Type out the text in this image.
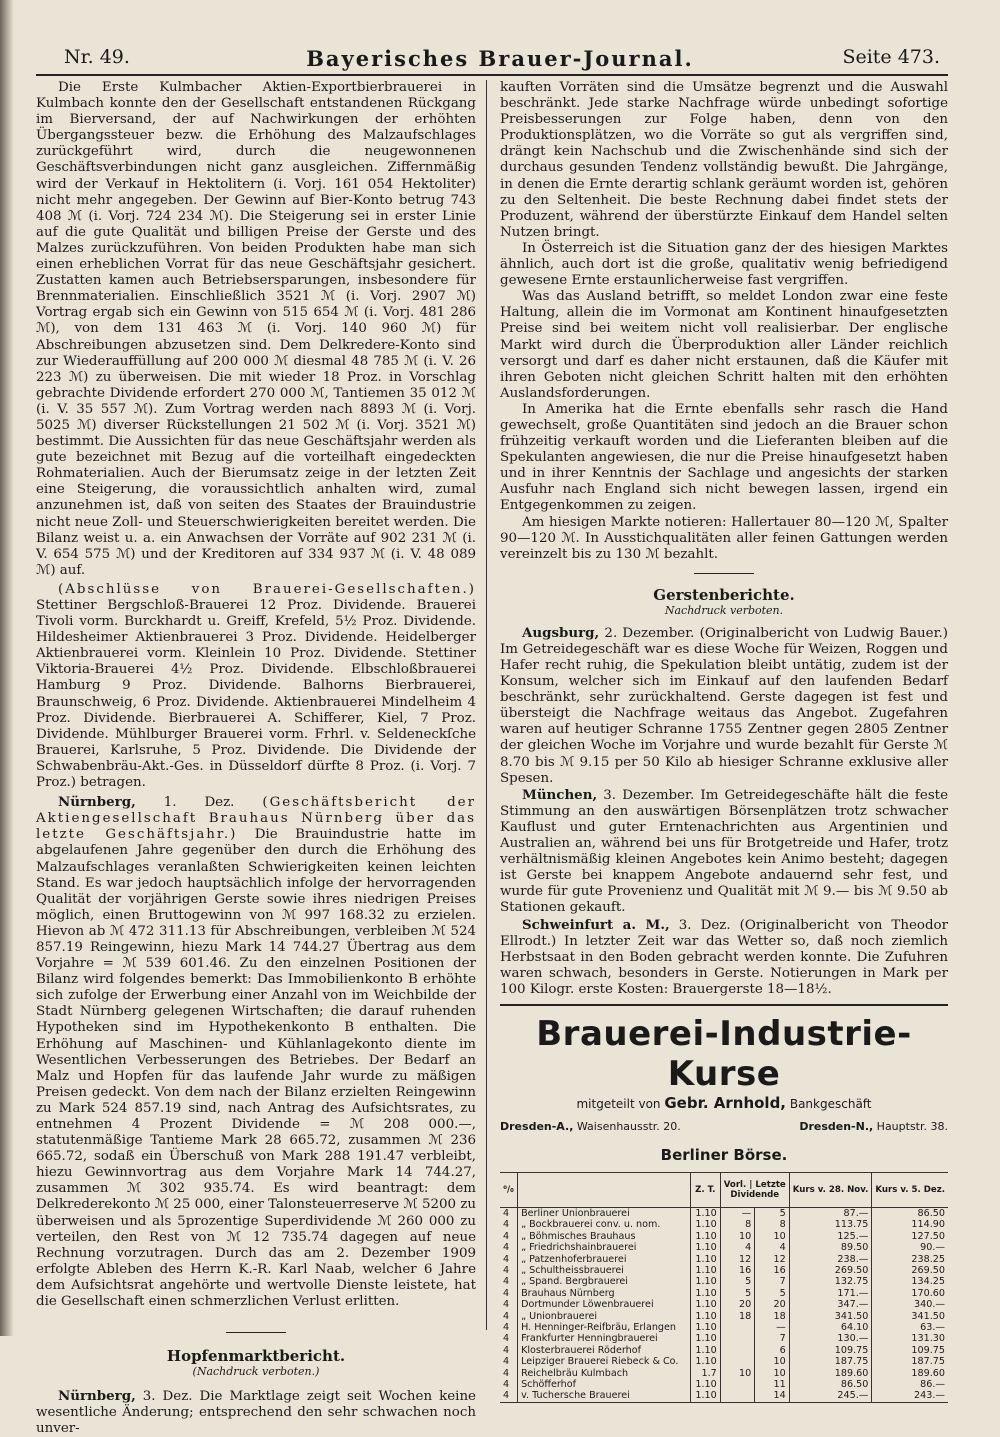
Nr. 49.	Bayerisches Brauer-Journal.	Seite 473.

Die Erste Kulmbacher Aktien-Exportbierbrauerei in Kulmbach konnte den der Gesellschaft entstandenen Rückgang im Bierversand, der auf Nachwirkungen der erhöhten Übergangssteuer bezw. die Erhöhung des Malzaufschlages zurückgeführt wird, durch die neugewonnenen Geschäftsverbindungen nicht ganz ausgleichen. Ziffernmäßig wird der Verkauf in Hektolitern (i. Vorj. 161 054 Hektoliter) nicht mehr angegeben. Der Gewinn auf Bier-Konto betrug 743 408 ℳ (i. Vorj. 724 234 ℳ). Die Steigerung sei in erster Linie auf die gute Qualität und billigen Preise der Gerste und des Malzes zurückzuführen. Von beiden Produkten habe man sich einen erheblichen Vorrat für das neue Geschäftsjahr gesichert. Zustatten kamen auch Betriebsersparungen, insbesondere für Brennmaterialien. Einschließlich 3521 ℳ (i. Vorj. 2907 ℳ) Vortrag ergab sich ein Gewinn von 515 654 ℳ (i. Vorj. 481 286 ℳ), von dem 131 463 ℳ (i. Vorj. 140 960 ℳ) für Abschreibungen abzusetzen sind. Dem Delkredere-Konto sind zur Wiederauffüllung auf 200 000 ℳ diesmal 48 785 ℳ (i. V. 26 223 ℳ) zu überweisen. Die mit wieder 18 Proz. in Vorschlag gebrachte Dividende erfordert 270 000 ℳ, Tantiemen 35 012 ℳ (i. V. 35 557 ℳ). Zum Vortrag werden nach 8893 ℳ (i. Vorj. 5025 ℳ) diverser Rückstellungen 21 502 ℳ (i. Vorj. 3521 ℳ) bestimmt. Die Aussichten für das neue Geschäftsjahr werden als gute bezeichnet mit Bezug auf die vorteilhaft eingedeckten Rohmaterialien. Auch der Bierumsatz zeige in der letzten Zeit eine Steigerung, die voraussichtlich anhalten wird, zumal anzunehmen ist, daß von seiten des Staates der Brauindustrie nicht neue Zoll- und Steuerschwierigkeiten bereitet werden. Die Bilanz weist u. a. ein Anwachsen der Vorräte auf 902 231 ℳ (i. V. 654 575 ℳ) und der Kreditoren auf 334 937 ℳ (i. V. 48 089 ℳ) auf.

(Abschlüsse von Brauerei-Gesellschaften.) Stettiner Bergschloß-Brauerei 12 Proz. Dividende. Brauerei Tivoli vorm. Burckhardt u. Greiff, Krefeld, 5½ Proz. Dividende. Hildesheimer Aktienbrauerei 3 Proz. Dividende. Heidelberger Aktienbrauerei vorm. Kleinlein 10 Proz. Dividende. Stettiner Viktoria-Brauerei 4½ Proz. Dividende. Elbschloßbrauerei Hamburg 9 Proz. Dividende. Balhorns Bierbrauerei, Braunschweig, 6 Proz. Dividende. Aktienbrauerei Mindelheim 4 Proz. Dividende. Bierbrauerei A. Schifferer, Kiel, 7 Proz. Dividende. Mühlburger Brauerei vorm. Frhrl. v. Seldeneckſche Brauerei, Karlsruhe, 5 Proz. Dividende. Die Dividende der Schwabenbräu-Akt.-Ges. in Düsseldorf dürfte 8 Proz. (i. Vorj. 7 Proz.) betragen.

Nürnberg, 1. Dez. (Geschäftsbericht der Aktiengesellschaft Brauhaus Nürnberg über das letzte Geschäftsjahr.) Die Brauindustrie hatte im abgelaufenen Jahre gegenüber den durch die Erhöhung des Malzaufschlages veranlaßten Schwierigkeiten keinen leichten Stand. Es war jedoch hauptsächlich infolge der hervorragenden Qualität der vorjährigen Gerste sowie ihres niedrigen Preises möglich, einen Bruttogewinn von ℳ 997 168.32 zu erzielen. Hievon ab ℳ 472 311.13 für Abschreibungen, verbleiben ℳ 524 857.19 Reingewinn, hiezu Mark 14 744.27 Übertrag aus dem Vorjahre = ℳ 539 601.46. Zu den einzelnen Positionen der Bilanz wird folgendes bemerkt: Das Immobilienkonto B erhöhte sich zufolge der Erwerbung einer Anzahl von im Weichbilde der Stadt Nürnberg gelegenen Wirtschaften; die darauf ruhenden Hypotheken sind im Hypothekenkonto B enthalten. Die Erhöhung auf Maschinen- und Kühlanlagekonto diente im Wesentlichen Verbesserungen des Betriebes. Der Bedarf an Malz und Hopfen für das laufende Jahr wurde zu mäßigen Preisen gedeckt. Von dem nach der Bilanz erzielten Reingewinn zu Mark 524 857.19 sind, nach Antrag des Aufsichtsrates, zu entnehmen 4 Prozent Dividende = ℳ 208 000.—, statutenmäßige Tantieme Mark 28 665.72, zusammen ℳ 236 665.72, sodaß ein Überschuß von Mark 288 191.47 verbleibt, hiezu Gewinnvortrag aus dem Vorjahre Mark 14 744.27, zusammen ℳ 302 935.74. Es wird beantragt: dem Delkrederekonto ℳ 25 000, einer Talonsteuerreserve ℳ 5200 zu überweisen und als 5prozentige Superdividende ℳ 260 000 zu verteilen, den Rest von ℳ 12 735.74 dagegen auf neue Rechnung vorzutragen. Durch das am 2. Dezember 1909 erfolgte Ableben des Herrn K.-R. Karl Naab, welcher 6 Jahre dem Aufsichtsrat angehörte und wertvolle Dienste leistete, hat die Gesellschaft einen schmerzlichen Verlust erlitten.

Hopfenmarktbericht.

(Nachdruck verboten.)

Nürnberg, 3. Dez. Die Marktlage zeigt seit Wochen keine wesentliche Änderung; entsprechend den sehr schwachen noch unver-

kauften Vorräten sind die Umsätze begrenzt und die Auswahl beschränkt. Jede starke Nachfrage würde unbedingt sofortige Preisbesserungen zur Folge haben, denn von den Produktionsplätzen, wo die Vorräte so gut als vergriffen sind, drängt kein Nachschub und die Zwischenhände sind sich der durchaus gesunden Tendenz vollständig bewußt. Die Jahrgänge, in denen die Ernte derartig schlank geräumt worden ist, gehören zu den Seltenheit. Die beste Rechnung dabei findet stets der Produzent, während der überstürzte Einkauf dem Handel selten Nutzen bringt.

In Österreich ist die Situation ganz der des hiesigen Marktes ähnlich, auch dort ist die große, qualitativ wenig befriedigend gewesene Ernte erstaunlicherweise fast vergriffen.

Was das Ausland betrifft, so meldet London zwar eine feste Haltung, allein die im Vormonat am Kontinent hinaufgesetzten Preise sind bei weitem nicht voll realisierbar. Der englische Markt wird durch die Überproduktion aller Länder reichlich versorgt und darf es daher nicht erstaunen, daß die Käufer mit ihren Geboten nicht gleichen Schritt halten mit den erhöhten Auslandsforderungen.

In Amerika hat die Ernte ebenfalls sehr rasch die Hand gewechselt, große Quantitäten sind jedoch an die Brauer schon frühzeitig verkauft worden und die Lieferanten bleiben auf die Spekulanten angewiesen, die nur die Preise hinaufgesetzt haben und in ihrer Kenntnis der Sachlage und angesichts der starken Ausfuhr nach England sich nicht bewegen lassen, irgend ein Entgegenkommen zu zeigen.

Am hiesigen Markte notieren: Hallertauer 80—120 ℳ, Spalter 90—120 ℳ. In Ausstichqualitäten aller feinen Gattungen werden vereinzelt bis zu 130 ℳ bezahlt.

Gerstenberichte.

Nachdruck verboten.

Augsburg, 2. Dezember. (Originalbericht von Ludwig Bauer.) Im Getreidegeschäft war es diese Woche für Weizen, Roggen und Hafer recht ruhig, die Spekulation bleibt untätig, zudem ist der Konsum, welcher sich im Einkauf auf den laufenden Bedarf beschränkt, sehr zurückhaltend. Gerste dagegen ist fest und übersteigt die Nachfrage weitaus das Angebot. Zugefahren waren auf heutiger Schranne 1755 Zentner gegen 2805 Zentner der gleichen Woche im Vorjahre und wurde bezahlt für Gerste ℳ 8.70 bis ℳ 9.15 per 50 Kilo ab hiesiger Schranne exklusive aller Spesen.

München, 3. Dezember. Im Getreidegeschäfte hält die feste Stimmung an den auswärtigen Börsenplätzen trotz schwacher Kauflust und guter Erntenachrichten aus Argentinien und Australien an, während bei uns für Brotgetreide und Hafer, trotz verhältnismäßig kleinen Angebotes kein Animo besteht; dagegen ist Gerste bei knappem Angebote andauernd sehr fest, und wurde für gute Provenienz und Qualität mit ℳ 9.— bis ℳ 9.50 ab Stationen gekauft.

Schweinfurt a. M., 3. Dez. (Originalbericht von Theodor Ellrodt.) In letzter Zeit war das Wetter so, daß noch ziemlich Herbstsaat in den Boden gebracht werden konnte. Die Zufuhren waren schwach, besonders in Gerste. Notierungen in Mark per 100 Kilogr. erste Kosten: Brauergerste 18—18½.

Brauerei-Industrie-Kurse

mitgeteilt von Gebr. Arnhold, Bankgeschäft

Dresden-A., Waisenhausstr. 20.	Dresden-N., Hauptstr. 38.

Berliner Börse.

⁰/₀		Z. T.	Vorl. | Letzte
Dividende		Kurs v. 28. Nov.	Kurs v. 5. Dez.
4	Berliner Unionbrauerei	1.10	—	5	87.—	86.50
4	„ Bockbrauerei conv. u. nom.	1.10	8	8	113.75	114.90
4	„ Böhmisches Brauhaus	1.10	10	10	125.—	127.50
4	„ Friedrichshainbrauerei	1.10	4	4	89.50	90.—
4	„ Patzenhoferbrauerei	1.10	12	12	238.—	238.25
4	„ Schultheissbrauerei	1.10	16	16	269.50	269.50
4	„ Spand. Bergbrauerei	1.10	5	7	132.75	134.25
4	Brauhaus Nürnberg	1.10	5	5	171.—	170.60
4	Dortmunder Löwenbrauerei	1.10	20	20	347.—	340.—
4	„ Unionbrauerei	1.10	18	18	341.50	341.50
4	H. Henninger-Reifbräu, Erlangen	1.10		—	64.10	63.—
4	Frankfurter Henningbrauerei	1.10		7	130.—	131.30
4	Klosterbrauerei Röderhof	1.10		6	109.75	109.75
4	Leipziger Brauerei Riebeck & Co.	1.10		10	187.75	187.75
4	Reichelbräu Kulmbach	1.7	10	10	189.60	189.60
4	Schöfferhof	1.10		11	86.50	86.—
4	v. Tuchersche Brauerei	1.10		14	245.—	243.—
